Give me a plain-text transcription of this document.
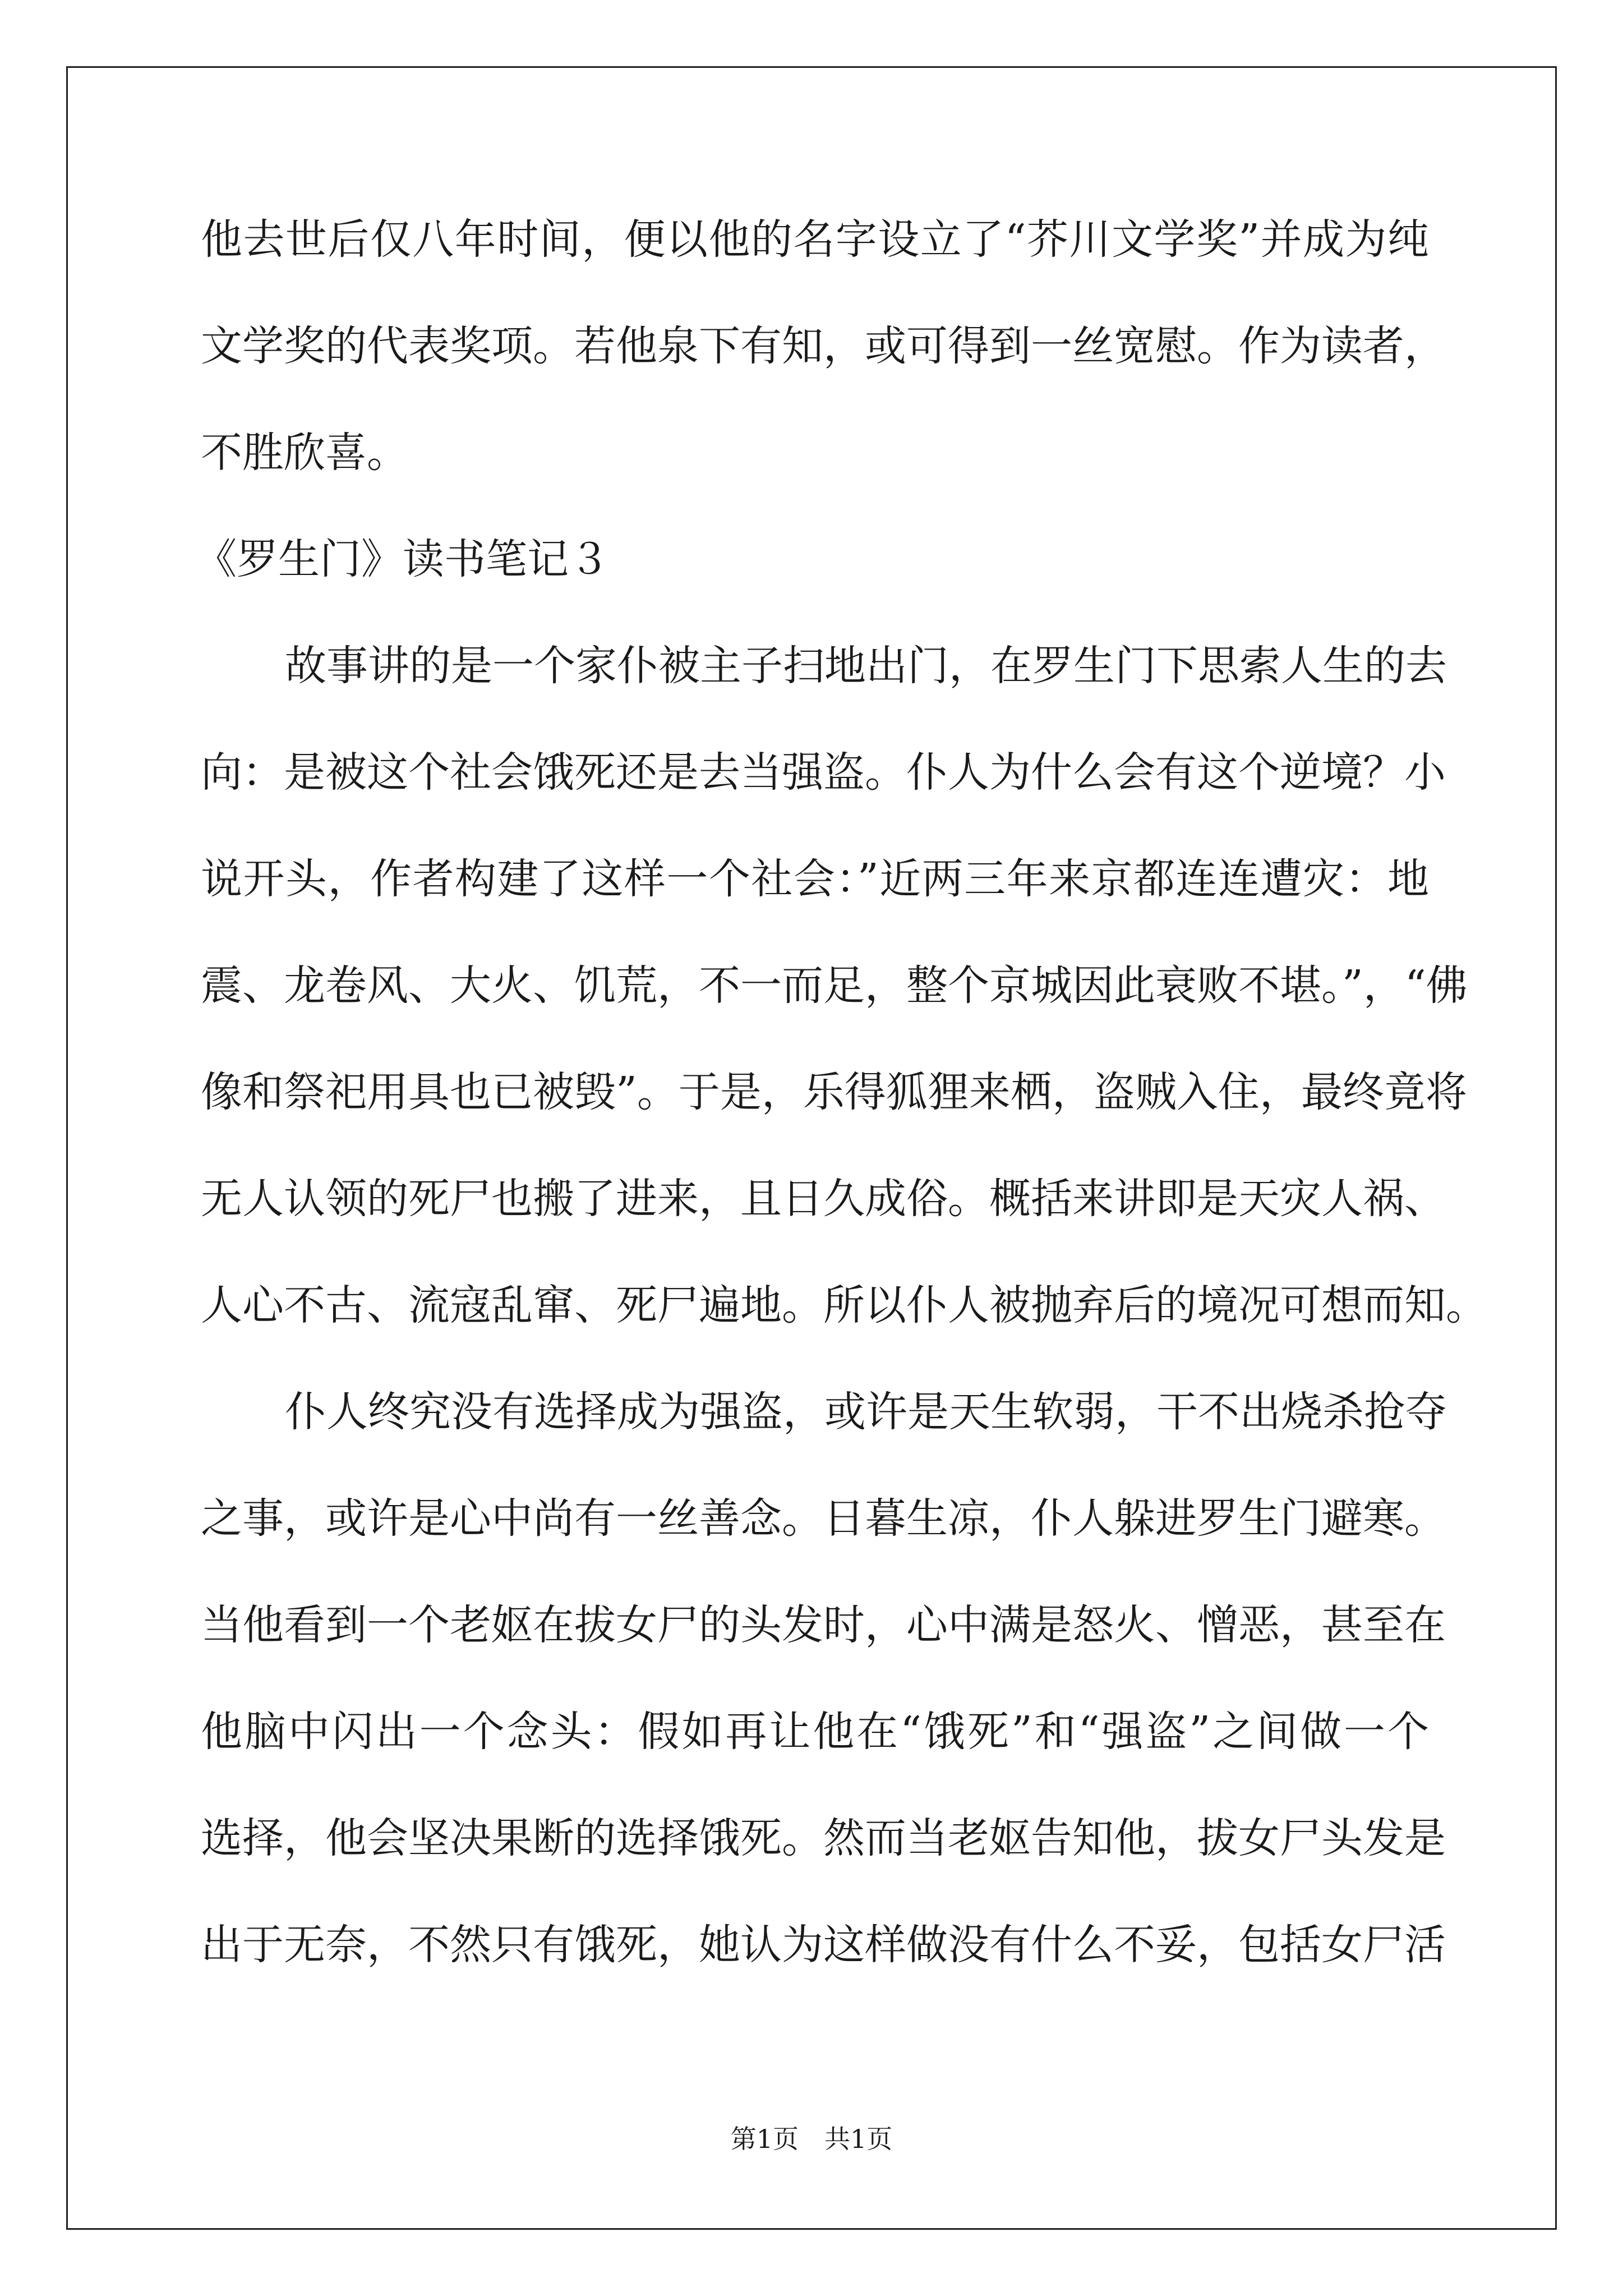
他去世后仅八年时间，便以他的名字设立了“芥川文学奖”并成为纯
文学奖的代表奖项。若他泉下有知，或可得到一丝宽慰。作为读者，
不胜欣喜。
《罗生门》读书笔记３
故事讲的是一个家仆被主子扫地出门，在罗生门下思索人生的去
向：是被这个社会饿死还是去当强盗。仆人为什么会有这个逆境？小
说开头，作者构建了这样一个社会：”近两三年来京都连连遭灾：地
震、龙卷风、大火、饥荒，不一而足，整个京城因此衰败不堪。”，“佛
像和祭祀用具也已被毁”。于是，乐得狐狸来栖，盗贼入住，最终竟将
无人认领的死尸也搬了进来，且日久成俗。概括来讲即是天灾人祸、
人心不古、流寇乱窜、死尸遍地。所以仆人被抛弃后的境况可想而知。
仆人终究没有选择成为强盗，或许是天生软弱，干不出烧杀抢夺
之事，或许是心中尚有一丝善念。日暮生凉，仆人躲进罗生门避寒。
当他看到一个老妪在拔女尸的头发时，心中满是怒火、憎恶，甚至在
他脑中闪出一个念头：假如再让他在“饿死”和“强盗”之间做一个
选择，他会坚决果断的选择饿死。然而当老妪告知他，拔女尸头发是
出于无奈，不然只有饿死，她认为这样做没有什么不妥，包括女尸活
第1页　共1页
